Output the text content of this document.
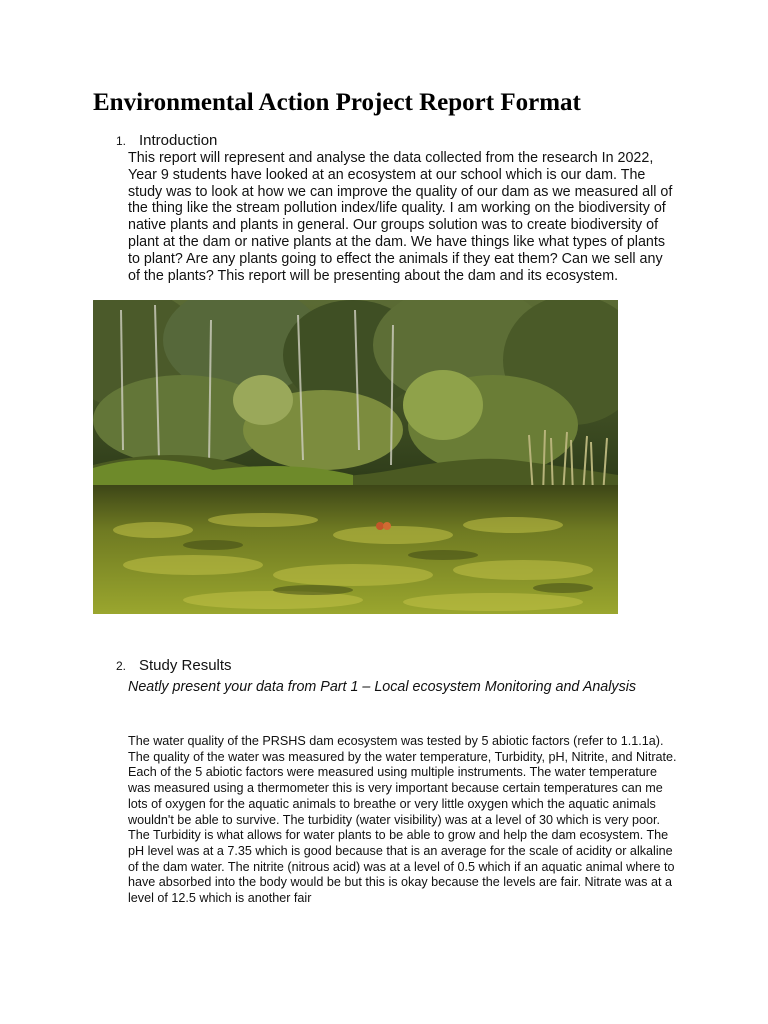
Environmental Action Project Report Format
1. Introduction

This report will represent and analyse the data collected from the research In 2022, Year 9 students have looked at an ecosystem at our school which is our dam. The study was to look at how we can improve the quality of our dam as we measured all of the thing like the stream pollution index/life quality. I am working on the biodiversity of native plants and plants in general. Our groups solution was to create biodiversity of plant at the dam or native plants at the dam. We have things like what types of plants to plant? Are any plants going to effect the animals if they eat them? Can we sell any of the plants? This report will be presenting about the dam and its ecosystem.

2. Study Results

Neatly present your data from Part 1 – Local ecosystem Monitoring and Analysis

The water quality of the PRSHS dam ecosystem was tested by 5 abiotic factors (refer to 1.1.1a). The quality of the water was measured by the water temperature, Turbidity, pH, Nitrite, and Nitrate. Each of the 5 abiotic factors were measured using multiple instruments. The water temperature was measured using a thermometer this is very important because certain temperatures can me lots of oxygen for the aquatic animals to breathe or very little oxygen which the aquatic animals wouldn't be able to survive. The turbidity (water visibility) was at a level of 30 which is very poor. The Turbidity is what allows for water plants to be able to grow and help the dam ecosystem. The pH level was at a 7.35 which is good because that is an average for the scale of acidity or alkaline of the dam water. The nitrite (nitrous acid) was at a level of 0.5 which if an aquatic animal where to have absorbed into the body would be but this is okay because the levels are fair. Nitrate was at a level of 12.5 which is another fair
